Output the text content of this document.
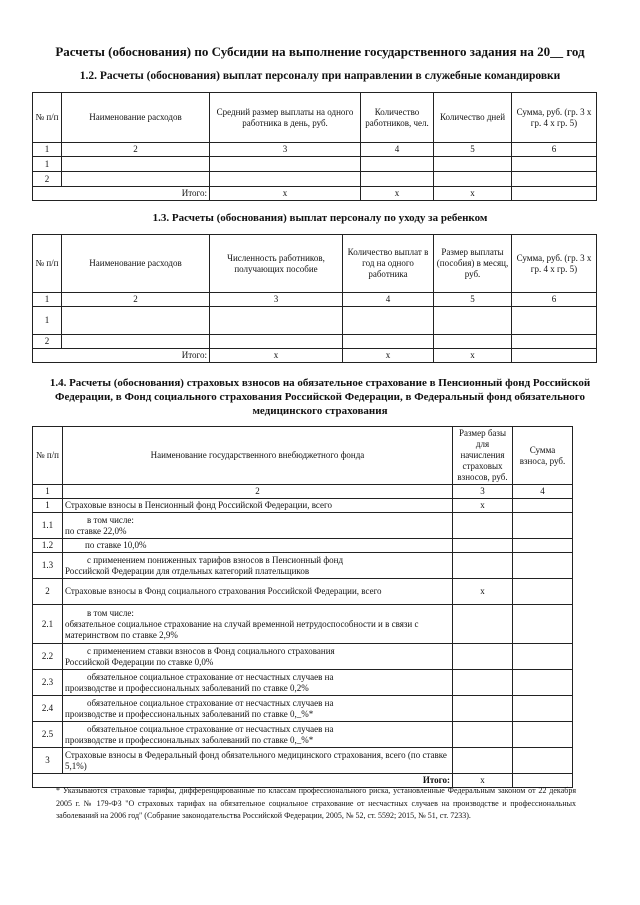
Расчеты (обоснования) по Субсидии на выполнение государственного задания на 20__ год
1.2. Расчеты (обоснования) выплат персоналу при направлении в служебные командировки
№ п/п	Наименование расходов	Средний размер выплаты на одного работника в день, руб.	Количество работников, чел.	Количество дней	Сумма, руб. (гр. 3 x гр. 4 x гр. 5)
1	2	3	4	5	6
1					
2					
Итого:		x	x	x	
1.3. Расчеты (обоснования) выплат персоналу по уходу за ребенком
№ п/п	Наименование расходов	Численность работников, получающих пособие	Количество выплат в год на одного работника	Размер выплаты (пособия) в месяц, руб.	Сумма, руб. (гр. 3 x гр. 4 x гр. 5)
1	2	3	4	5	6
1					
2					
Итого:		x	x	x	
1.4. Расчеты (обоснования) страховых взносов на обязательное страхование в Пенсионный фонд Российской Федерации, в Фонд социального страхования Российской Федерации, в Федеральный фонд обязательного медицинского страхования
№ п/п	Наименование государственного внебюджетного фонда	Размер базы для начисления страховых взносов, руб.	Сумма взноса, руб.
1	2	3	4
1	Страховые взносы в Пенсионный фонд Российской Федерации, всего	x	
1.1	в том числе:
по ставке 22,0%		

1.2	по ставке 10,0%		
1.3	с применением пониженных тарифов взносов в Пенсионный фонд
Российской Федерации для отдельных категорий плательщиков		

2	Страховые взносы в Фонд социального страхования Российской Федерации, всего	x	
2.1	в том числе:
обязательное социальное страхование на случай временной нетрудоспособности и в связи с материнством по ставке 2,9%		

2.2	с применением ставки взносов в Фонд социального страхования
Российской Федерации по ставке 0,0%		

2.3	обязательное социальное страхование от несчастных случаев на
производстве и профессиональных заболеваний по ставке 0,2%		

2.4	обязательное социальное страхование от несчастных случаев на
производстве и профессиональных заболеваний по ставке 0,_%*		

2.5	обязательное социальное страхование от несчастных случаев на
производстве и профессиональных заболеваний по ставке 0,_%*		

3	Страховые взносы в Федеральный фонд обязательного медицинского страхования, всего (по ставке 5,1%)		
Итого:		x	
* Указываются страховые тарифы, дифференцированные по классам профессионального риска, установленные Федеральным законом от 22 декабря 2005 г. № 179-ФЗ "О страховых тарифах на обязательное социальное страхование от несчастных случаев на производстве и профессиональных заболеваний на 2006 год" (Собрание законодательства Российской Федерации, 2005, № 52, ст. 5592; 2015, № 51, ст. 7233).
